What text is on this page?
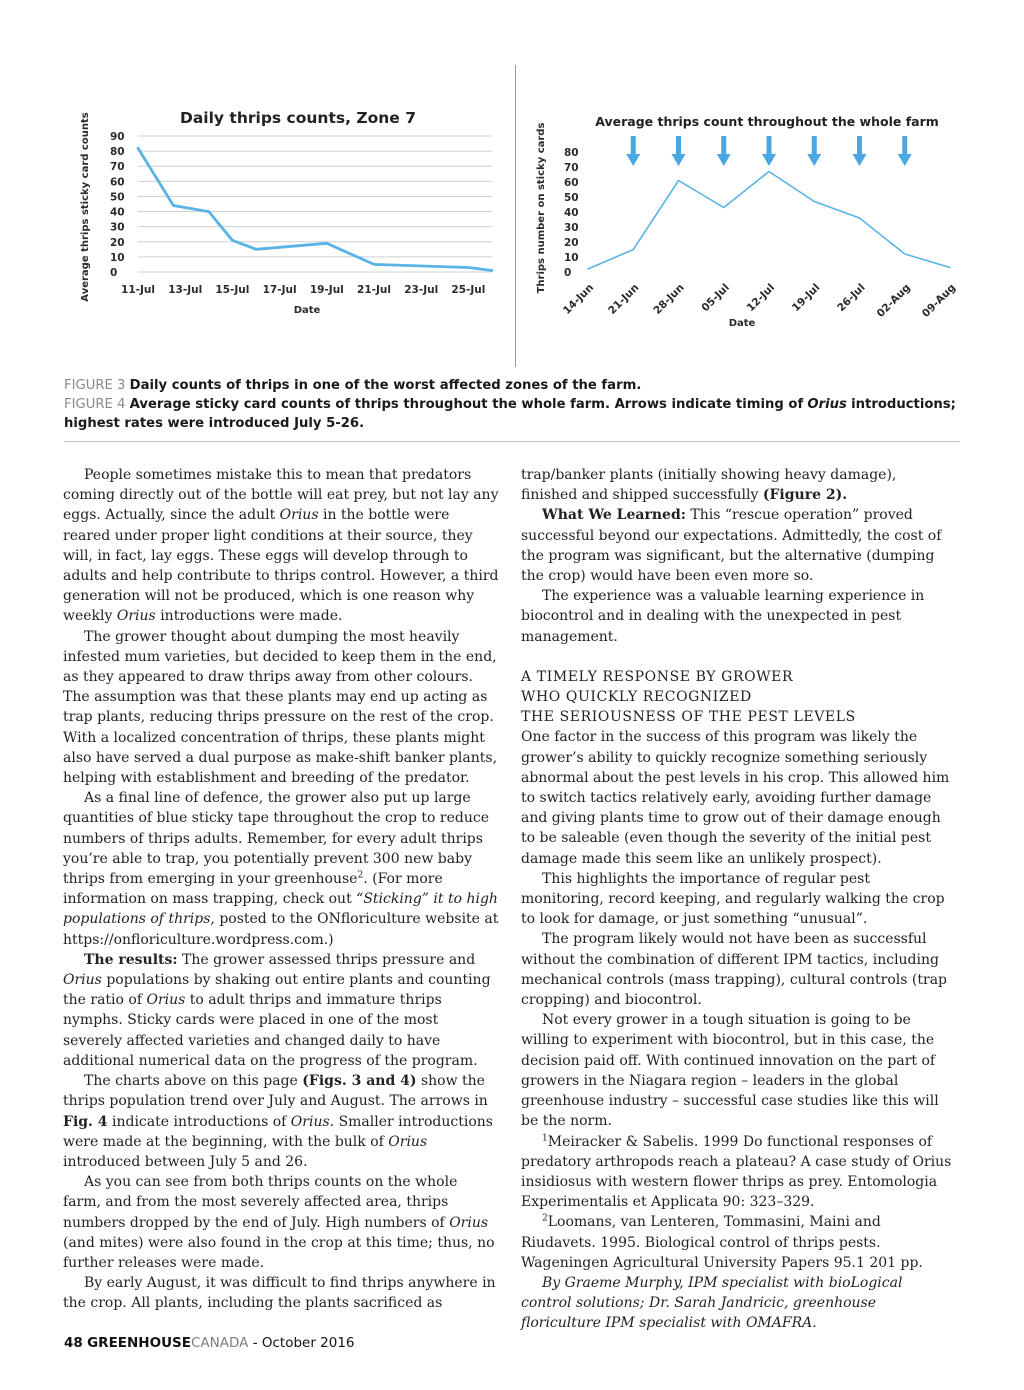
Daily thrips counts, Zone 7
0
10
20
30
40
50
60
70
80
90
11-Jul 13-Jul 15-Jul 17-Jul 19-Jul 21-Jul 23-Jul 25-Jul
Date
Average thrips sticky card counts	Average thrips count throughout the whole farm
0
10
20
30
40
50
60
70
80
14-Jun 21-Jun 28-Jun 05-Jul 12-Jul 19-Jul 26-Jul 02-Aug 09-Aug
Date
Thrips number on sticky cards
FIGURE 3 Daily counts of thrips in one of the worst affected zones of the farm.
FIGURE 4 Average sticky card counts of thrips throughout the whole farm. Arrows indicate timing of Orius introductions; highest rates were introduced July 5-26.

People sometimes mistake this to mean that predators coming directly out of the bottle will eat prey, but not lay any eggs. Actually, since the adult Orius in the bottle were reared under proper light conditions at their source, they will, in fact, lay eggs. These eggs will develop through to adults and help contribute to thrips control. However, a third generation will not be produced, which is one reason why weekly Orius introductions were made.

The grower thought about dumping the most heavily infested mum varieties, but decided to keep them in the end, as they appeared to draw thrips away from other colours. The assumption was that these plants may end up acting as trap plants, reducing thrips pressure on the rest of the crop. With a localized concentration of thrips, these plants might also have served a dual purpose as make-shift banker plants, helping with establishment and breeding of the predator.

As a final line of defence, the grower also put up large quantities of blue sticky tape throughout the crop to reduce numbers of thrips adults. Remember, for every adult thrips you’re able to trap, you potentially prevent 300 new baby thrips from emerging in your greenhouse$^2$. (For more information on mass trapping, check out “Sticking” it to high populations of thrips, posted to the ONfloriculture website at https://onfloriculture.wordpress.com.)

The results: The grower assessed thrips pressure and Orius populations by shaking out entire plants and counting the ratio of Orius to adult thrips and immature thrips nymphs. Sticky cards were placed in one of the most severely affected varieties and changed daily to have additional numerical data on the progress of the program.

The charts above on this page (Figs. 3 and 4) show the thrips population trend over July and August. The arrows in Fig. 4 indicate introductions of Orius. Smaller introductions were made at the beginning, with the bulk of Orius introduced between July 5 and 26.

As you can see from both thrips counts on the whole farm, and from the most severely affected area, thrips numbers dropped by the end of July. High numbers of Orius (and mites) were also found in the crop at this time; thus, no further releases were made.

By early August, it was difficult to find thrips anywhere in the crop. All plants, including the plants sacrificed as

trap/banker plants (initially showing heavy damage), finished and shipped successfully (Figure 2).

What We Learned: This “rescue operation” proved successful beyond our expectations. Admittedly, the cost of the program was significant, but the alternative (dumping the crop) would have been even more so.

The experience was a valuable learning experience in biocontrol and in dealing with the unexpected in pest management.

A TIMELY RESPONSE BY GROWER
WHO QUICKLY RECOGNIZED
THE SERIOUSNESS OF THE PEST LEVELS

One factor in the success of this program was likely the grower’s ability to quickly recognize something seriously abnormal about the pest levels in his crop. This allowed him to switch tactics relatively early, avoiding further damage and giving plants time to grow out of their damage enough to be saleable (even though the severity of the initial pest damage made this seem like an unlikely prospect).

This highlights the importance of regular pest monitoring, record keeping, and regularly walking the crop to look for damage, or just something “unusual”.

The program likely would not have been as successful without the combination of different IPM tactics, including mechanical controls (mass trapping), cultural controls (trap cropping) and biocontrol.

Not every grower in a tough situation is going to be willing to experiment with biocontrol, but in this case, the decision paid off. With continued innovation on the part of growers in the Niagara region – leaders in the global greenhouse industry – successful case studies like this will be the norm.

$^1$Meiracker & Sabelis. 1999 Do functional responses of predatory arthropods reach a plateau? A case study of Orius insidiosus with western flower thrips as prey. Entomologia Experimentalis et Applicata 90: 323–329.

$^2$Loomans, van Lenteren, Tommasini, Maini and Riudavets. 1995. Biological control of thrips pests. Wageningen Agricultural University Papers 95.1 201 pp.

By Graeme Murphy, IPM specialist with bioLogical control solutions; Dr. Sarah Jandricic, greenhouse floriculture IPM specialist with OMAFRA.

48 GREENHOUSECANADA - October 2016
